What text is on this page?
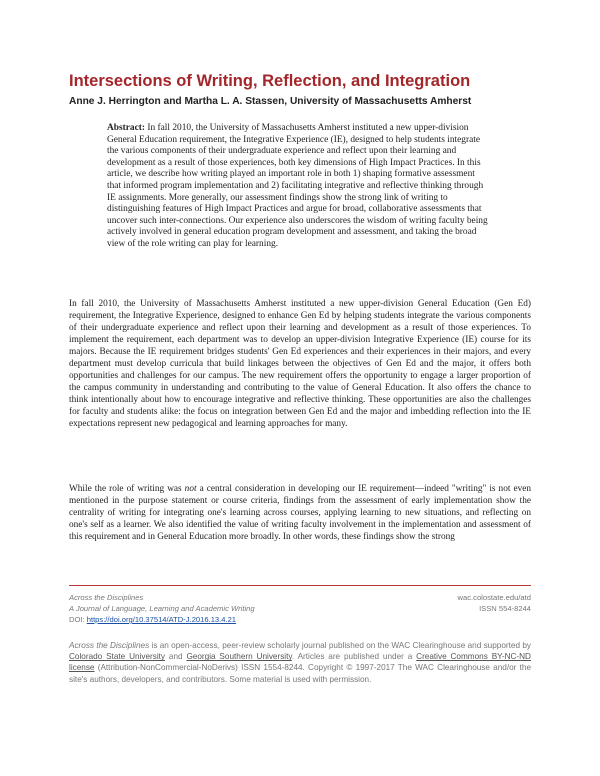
Intersections of Writing, Reflection, and Integration
Anne J. Herrington and Martha L. A. Stassen, University of Massachusetts Amherst
Abstract: In fall 2010, the University of Massachusetts Amherst instituted a new upper-division General Education requirement, the Integrative Experience (IE), designed to help students integrate the various components of their undergraduate experience and reflect upon their learning and development as a result of those experiences, both key dimensions of High Impact Practices. In this article, we describe how writing played an important role in both 1) shaping formative assessment that informed program implementation and 2) facilitating integrative and reflective thinking through IE assignments. More generally, our assessment findings show the strong link of writing to distinguishing features of High Impact Practices and argue for broad, collaborative assessments that uncover such inter-connections. Our experience also underscores the wisdom of writing faculty being actively involved in general education program development and assessment, and taking the broad view of the role writing can play for learning.

In fall 2010, the University of Massachusetts Amherst instituted a new upper-division General Education (Gen Ed) requirement, the Integrative Experience, designed to enhance Gen Ed by helping students integrate the various components of their undergraduate experience and reflect upon their learning and development as a result of those experiences. To implement the requirement, each department was to develop an upper-division Integrative Experience (IE) course for its majors. Because the IE requirement bridges students' Gen Ed experiences and their experiences in their majors, and every department must develop curricula that build linkages between the objectives of Gen Ed and the major, it offers both opportunities and challenges for our campus. The new requirement offers the opportunity to engage a larger proportion of the campus community in understanding and contributing to the value of General Education. It also offers the chance to think intentionally about how to encourage integrative and reflective thinking. These opportunities are also the challenges for faculty and students alike: the focus on integration between Gen Ed and the major and imbedding reflection into the IE expectations represent new pedagogical and learning approaches for many.

While the role of writing was not a central consideration in developing our IE requirement—indeed "writing" is not even mentioned in the purpose statement or course criteria, findings from the assessment of early implementation show the centrality of writing for integrating one's learning across courses, applying learning to new situations, and reflecting on one's self as a learner. We also identified the value of writing faculty involvement in the implementation and assessment of this requirement and in General Education more broadly. In other words, these findings show the strong

Across the Disciplines
A Journal of Language, Learning and Academic Writing
DOI: https://doi.org/10.37514/ATD-J.2016.13.4.21
wac.colostate.edu/atd
ISSN 554-8244
Across the Disciplines is an open-access, peer-review scholarly journal published on the WAC Clearinghouse and supported by Colorado State University and Georgia Southern University. Articles are published under a Creative Commons BY-NC-ND license (Attribution-NonCommercial-NoDerivs) ISSN 1554-8244. Copyright © 1997-2017 The WAC Clearinghouse and/or the site's authors, developers, and contributors. Some material is used with permission.
